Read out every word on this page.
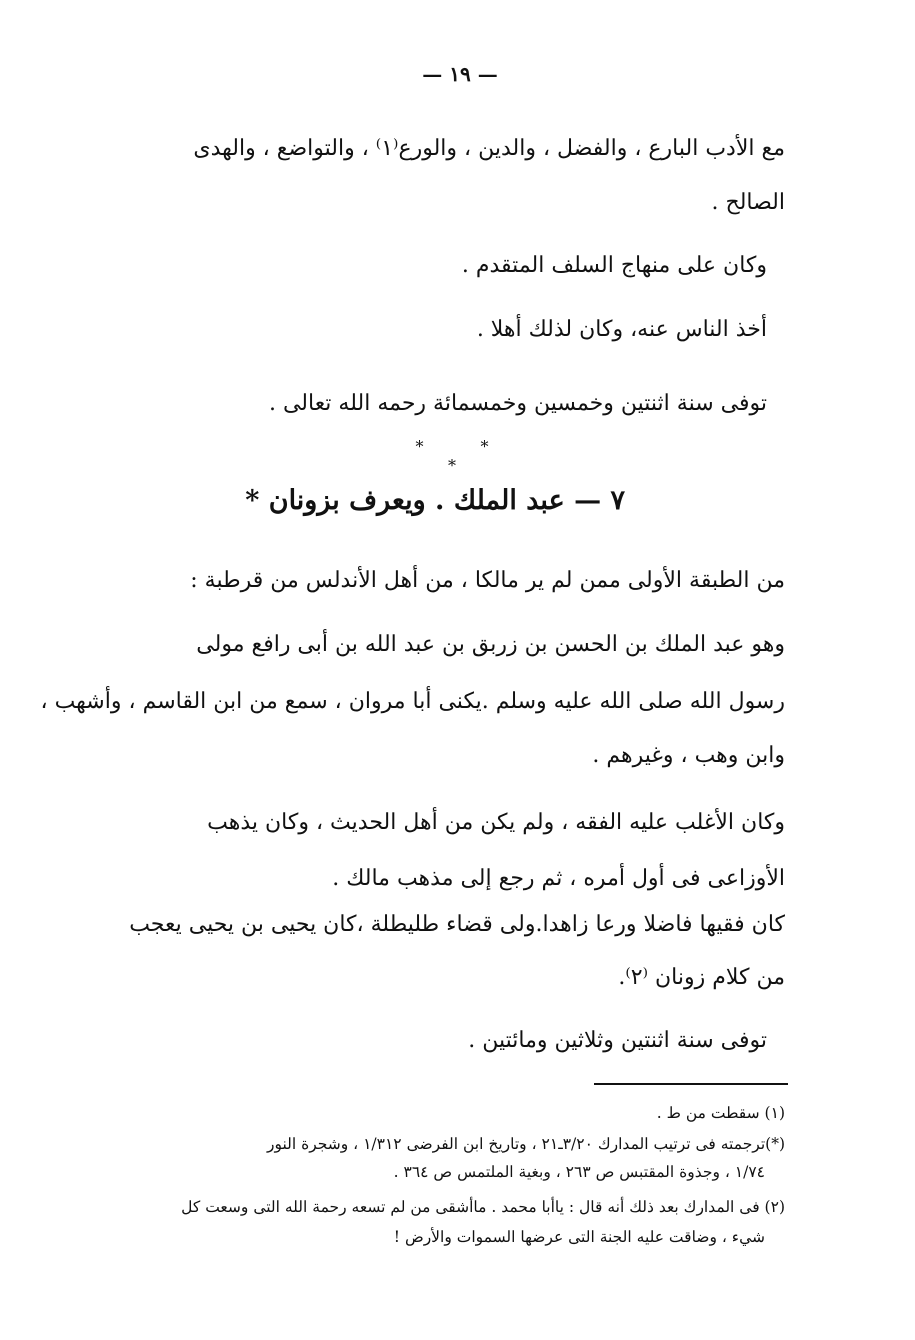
— ١٩ —
مع الأدب البارع ، والفضل ، والدين ، والورع⁽١⁾ ، والتواضع ، والهدى
الصالح .
وكان على منهاج السلف المتقدم .
أخذ الناس عنه، وكان لذلك أهلا .
توفى سنة اثنتين وخمسين وخمسمائة رحمه الله تعالى .
* * *
٧ — عبد الملك . ويعرف بزونان *
من الطبقة الأولى ممن لم ير مالكا ، من أهل الأندلس من قرطبة :
وهو عبد الملك بن الحسن بن زربق بن عبد الله بن أبى رافع مولى
رسول الله صلى الله عليه وسلم .يكنى أبا مروان ، سمع من ابن القاسم ، وأشهب ،
وابن وهب ، وغيرهم .
وكان الأغلب عليه الفقه ، ولم يكن من أهل الحديث ، وكان يذهب
الأوزاعى فى أول أمره ، ثم رجع إلى مذهب مالك .
كان فقيها فاضلا ورعا زاهدا.ولى قضاء طليطلة ،كان يحيى بن يحيى يعجب
من كلام زونان ⁽٢⁾.
توفى سنة اثنتين وثلاثين ومائتين .
(١) سقطت من ط .
(*)ترجمته فى ترتيب المدارك ٣/٢٠ـ٢١ ، وتاريخ ابن الفرضى ١/٣١٢ ، وشجرة النور
١/٧٤ ، وجذوة المقتبس ص ٢٦٣ ، وبغية الملتمس ص ٣٦٤ .
(٢) فى المدارك بعد ذلك أنه قال : ياأبا محمد . ماأشقى من لم تسعه رحمة الله التى وسعت كل
شيء ، وضاقت عليه الجنة التى عرضها السموات والأرض !
